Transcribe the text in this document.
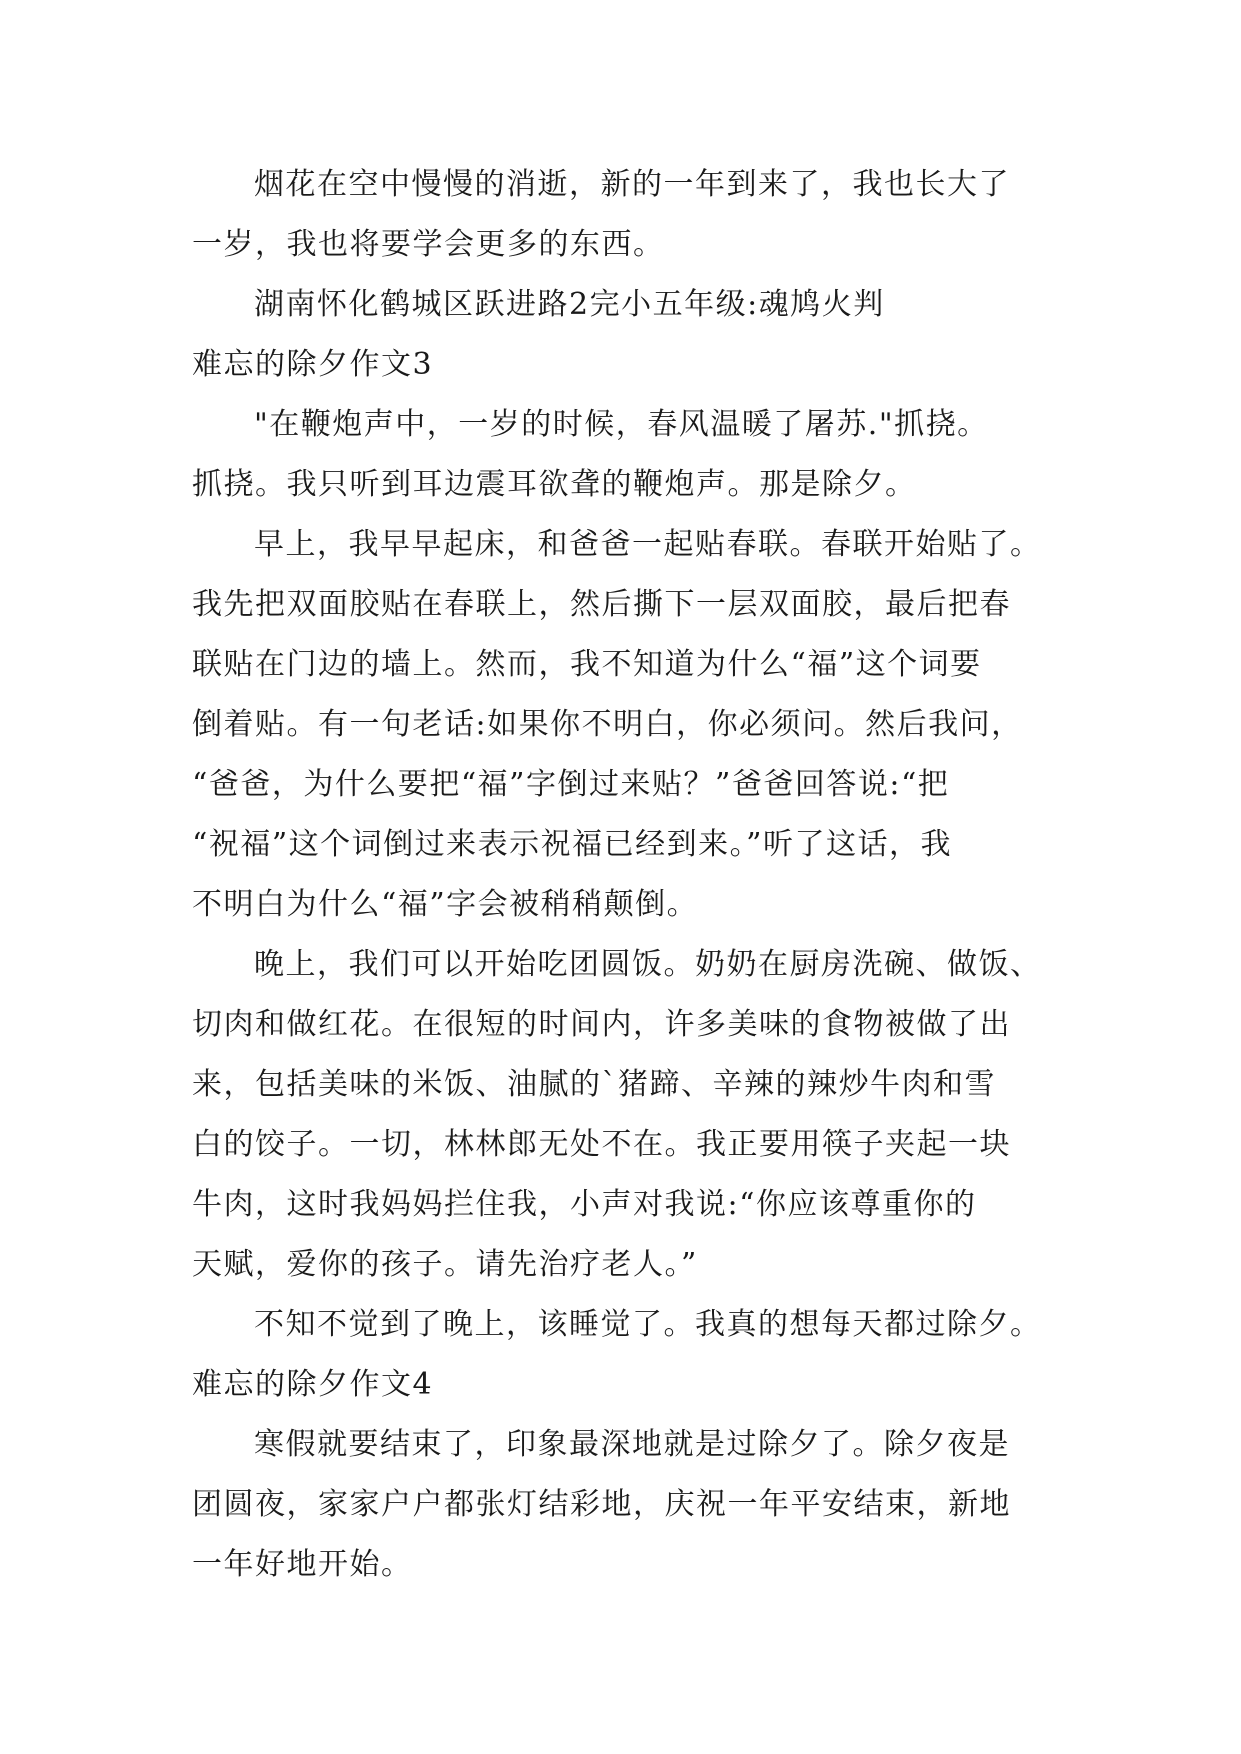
烟花在空中慢慢的消逝，新的一年到来了，我也长大了
一岁，我也将要学会更多的东西。
湖南怀化鹤城区跃进路2完小五年级:魂鸠火判
难忘的除夕作文3
"在鞭炮声中，一岁的时候，春风温暖了屠苏."抓挠。
抓挠。我只听到耳边震耳欲聋的鞭炮声。那是除夕。
早上，我早早起床，和爸爸一起贴春联。春联开始贴了。
我先把双面胶贴在春联上，然后撕下一层双面胶，最后把春
联贴在门边的墙上。然而，我不知道为什么“福”这个词要
倒着贴。有一句老话:如果你不明白，你必须问。然后我问，
“爸爸，为什么要把“福”字倒过来贴？”爸爸回答说:“把
“祝福”这个词倒过来表示祝福已经到来。”听了这话，我
不明白为什么“福”字会被稍稍颠倒。
晚上，我们可以开始吃团圆饭。奶奶在厨房洗碗、做饭、
切肉和做红花。在很短的时间内，许多美味的食物被做了出
来，包括美味的米饭、油腻的`猪蹄、辛辣的辣炒牛肉和雪
白的饺子。一切，林林郎无处不在。我正要用筷子夹起一块
牛肉，这时我妈妈拦住我，小声对我说:“你应该尊重你的
天赋，爱你的孩子。请先治疗老人。”
不知不觉到了晚上，该睡觉了。我真的想每天都过除夕。
难忘的除夕作文4
寒假就要结束了，印象最深地就是过除夕了。除夕夜是
团圆夜，家家户户都张灯结彩地，庆祝一年平安结束，新地
一年好地开始。
